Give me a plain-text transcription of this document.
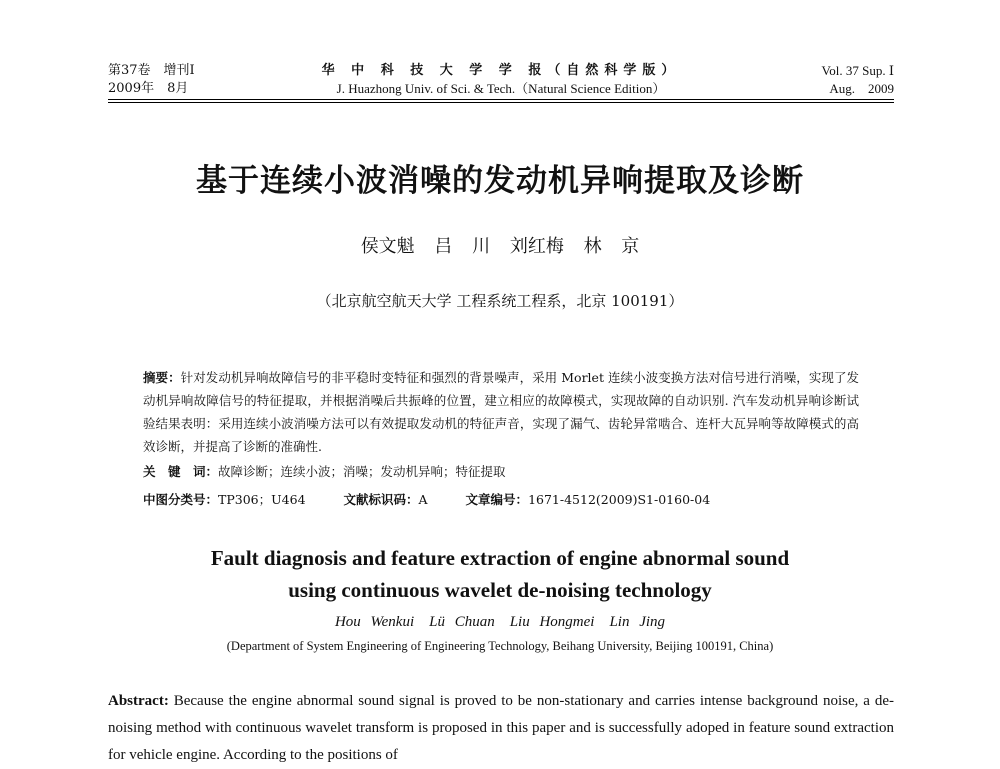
第37卷　增刊Ⅰ
2009年　8月
华 中 科 技 大 学 学 报（自然科学版）
J. Huazhong Univ. of Sci. & Tech.（Natural Science Edition）
Vol. 37 Sup. Ⅰ
Aug.　2009
基于连续小波消噪的发动机异响提取及诊断
侯文魁 吕 川 刘红梅 林 京
（北京航空航天大学 工程系统工程系，北京 100191）
摘要：针对发动机异响故障信号的非平稳时变特征和强烈的背景噪声，采用 Morlet 连续小波变换方法对信号进行消噪，实现了发动机异响故障信号的特征提取，并根据消噪后共振峰的位置，建立相应的故障模式，实现故障的自动识别. 汽车发动机异响诊断试验结果表明：采用连续小波消噪方法可以有效提取发动机的特征声音，实现了漏气、齿轮异常啮合、连杆大瓦异响等故障模式的高效诊断，并提高了诊断的准确性.
关　键　词：故障诊断；连续小波；消噪；发动机异响；特征提取
中图分类号：TP306；U464	文献标识码：A	文章编号：1671-4512(2009)S1-0160-04
Fault diagnosis and feature extraction of engine abnormal sound
using continuous wavelet de-noising technology
Hou Wenkui　Lü Chuan　Liu Hongmei　Lin Jing
(Department of System Engineering of Engineering Technology, Beihang University, Beijing 100191, China)
Abstract: Because the engine abnormal sound signal is proved to be non-stationary and carries intense background noise, a de-noising method with continuous wavelet transform is proposed in this paper and is successfully adoped in feature sound extraction for vehicle engine. According to the positions of
